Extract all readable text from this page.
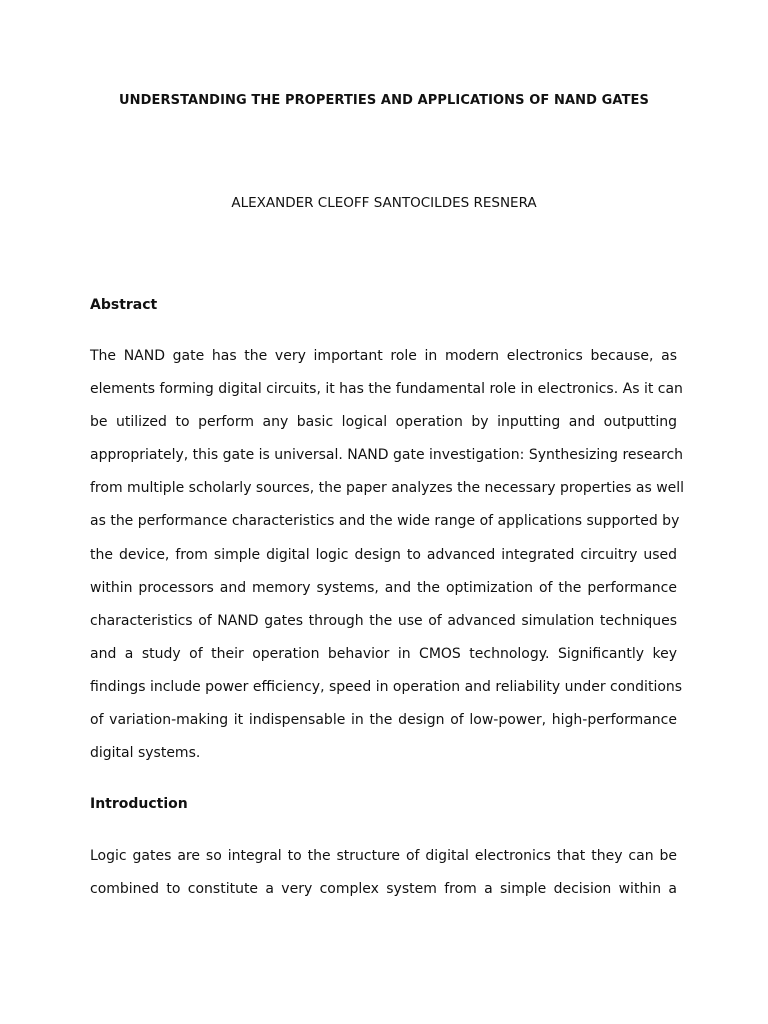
UNDERSTANDING THE PROPERTIES AND APPLICATIONS OF NAND GATES
ALEXANDER CLEOFF SANTOCILDES RESNERA
Abstract
The NAND gate has the very important role in modern electronics because, as
elements forming digital circuits, it has the fundamental role in electronics. As it can
be utilized to perform any basic logical operation by inputting and outputting
appropriately, this gate is universal. NAND gate investigation: Synthesizing research
from multiple scholarly sources, the paper analyzes the necessary properties as well
as the performance characteristics and the wide range of applications supported by
the device, from simple digital logic design to advanced integrated circuitry used
within processors and memory systems, and the optimization of the performance
characteristics of NAND gates through the use of advanced simulation techniques
and a study of their operation behavior in CMOS technology. Significantly key
findings include power efficiency, speed in operation and reliability under conditions
of variation-making it indispensable in the design of low-power, high-performance
digital systems.
Introduction
Logic gates are so integral to the structure of digital electronics that they can be
combined to constitute a very complex system from a simple decision within a
